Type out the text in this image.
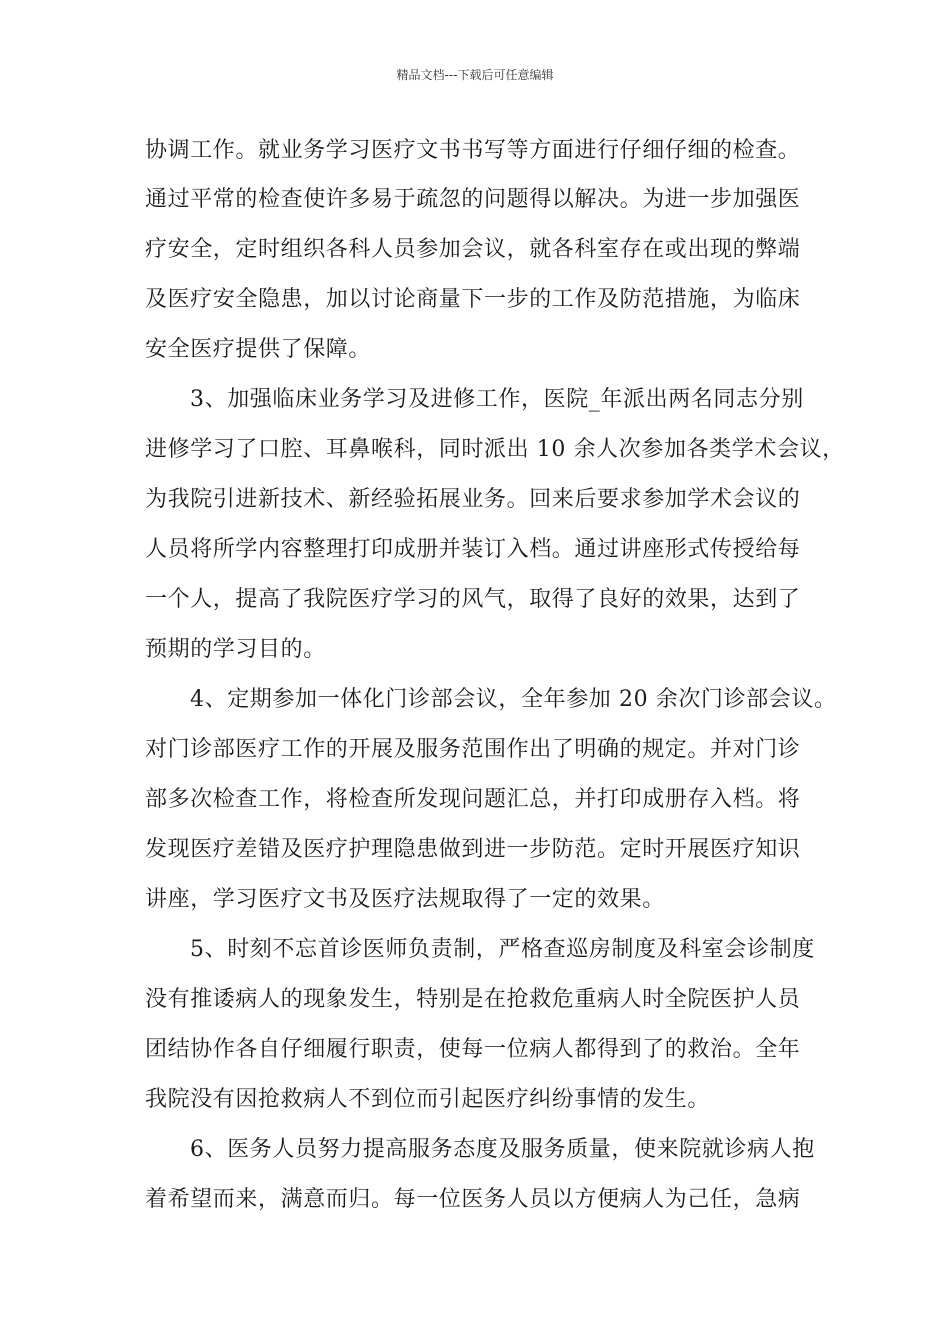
精品文档---下载后可任意编辑
协调工作。就业务学习医疗文书书写等方面进行仔细仔细的检查。
通过平常的检查使许多易于疏忽的问题得以解决。为进一步加强医
疗安全，定时组织各科人员参加会议，就各科室存在或出现的弊端
及医疗安全隐患，加以讨论商量下一步的工作及防范措施，为临床
安全医疗提供了保障。
3、加强临床业务学习及进修工作，医院_年派出两名同志分别
进修学习了口腔、耳鼻喉科，同时派出 10 余人次参加各类学术会议，
为我院引进新技术、新经验拓展业务。回来后要求参加学术会议的
人员将所学内容整理打印成册并装订入档。通过讲座形式传授给每
一个人，提高了我院医疗学习的风气，取得了良好的效果，达到了
预期的学习目的。
4、定期参加一体化门诊部会议，全年参加 20 余次门诊部会议。
对门诊部医疗工作的开展及服务范围作出了明确的规定。并对门诊
部多次检查工作，将检查所发现问题汇总，并打印成册存入档。将
发现医疗差错及医疗护理隐患做到进一步防范。定时开展医疗知识
讲座，学习医疗文书及医疗法规取得了一定的效果。
5、时刻不忘首诊医师负责制，严格查巡房制度及科室会诊制度
没有推诿病人的现象发生，特别是在抢救危重病人时全院医护人员
团结协作各自仔细履行职责，使每一位病人都得到了的救治。全年
我院没有因抢救病人不到位而引起医疗纠纷事情的发生。
6、医务人员努力提高服务态度及服务质量，使来院就诊病人抱
着希望而来，满意而归。每一位医务人员以方便病人为己任，急病
